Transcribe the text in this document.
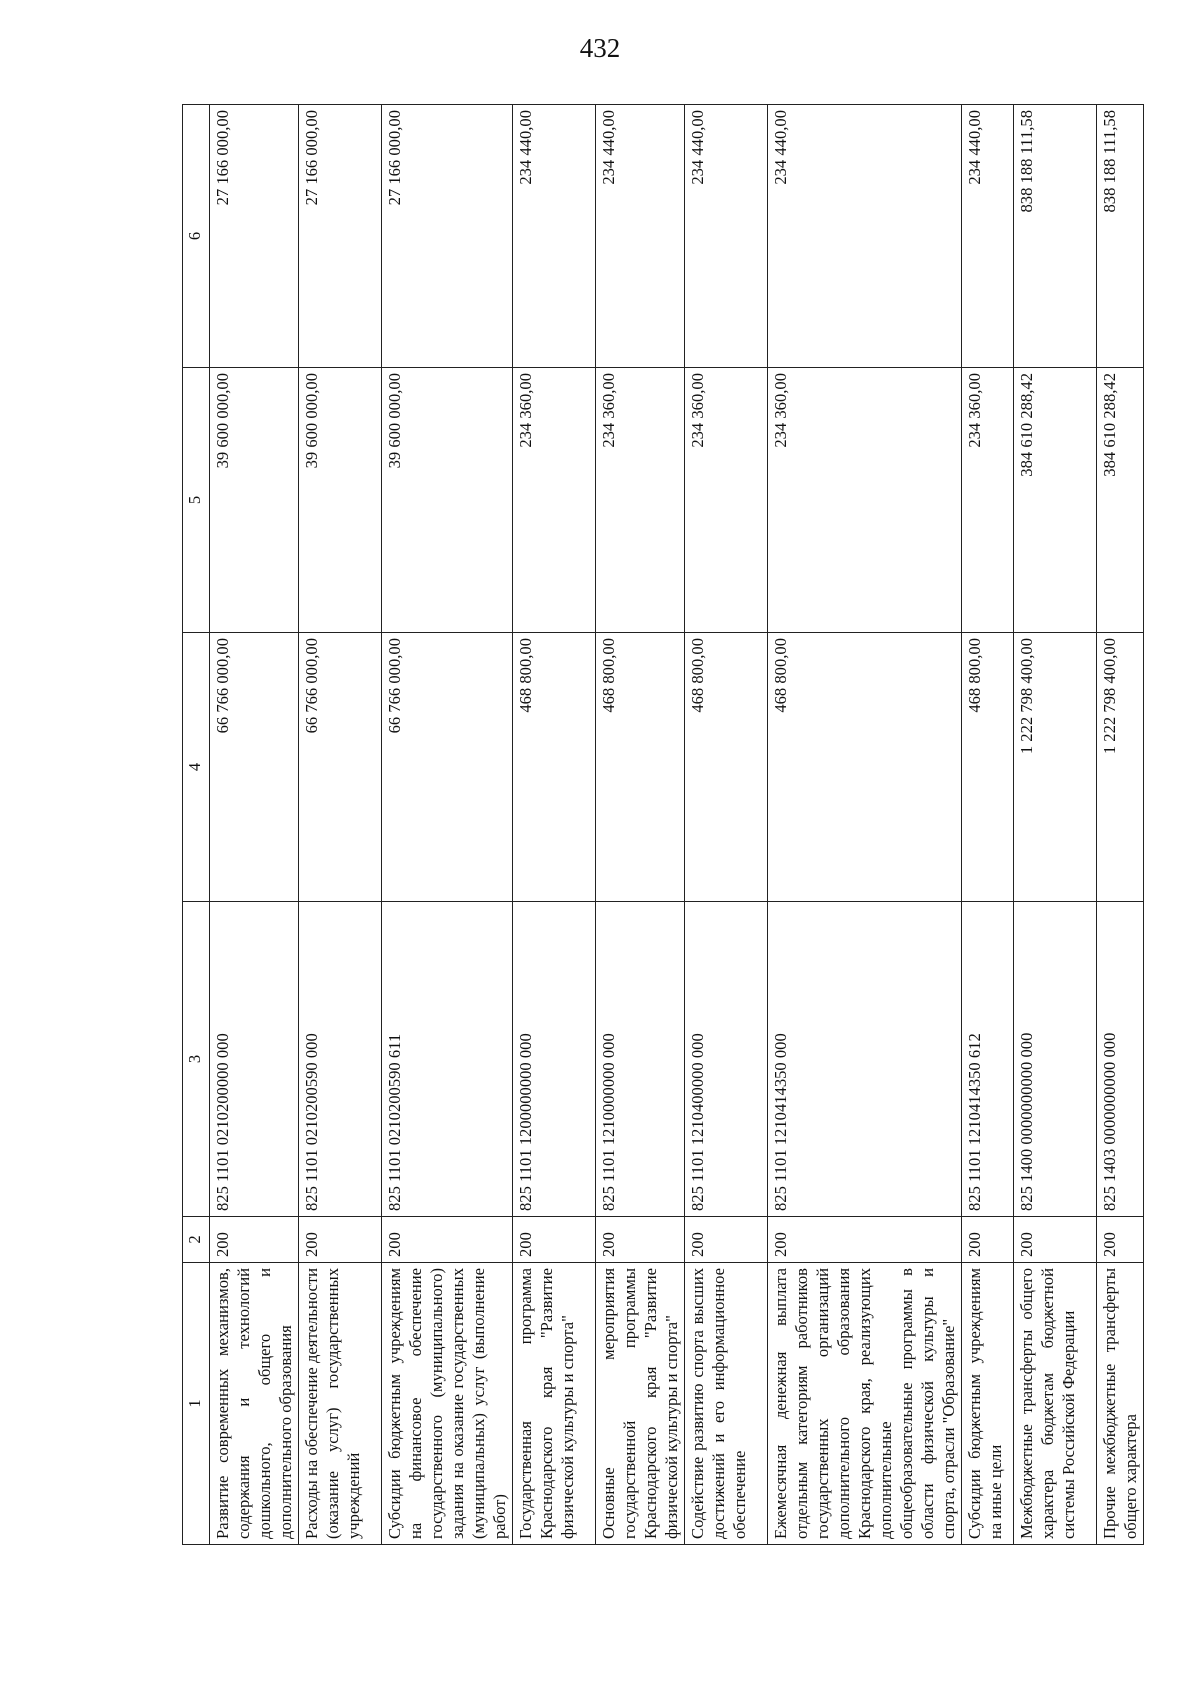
432
1	2	3	4	5	6
Развитие современных механизмов, содержания и технологий дошкольного, общего и дополнительного образования	200	825 1101 0210200000 000	66 766 000,00	39 600 000,00	27 166 000,00
Расходы на обеспечение деятельности (оказание услуг) государственных учреждений	200	825 1101 0210200590 000	66 766 000,00	39 600 000,00	27 166 000,00
Субсидии бюджетным учреждениям на финансовое обеспечение государственного (муниципального) задания на оказание государственных (муниципальных) услуг (выполнение работ)	200	825 1101 0210200590 611	66 766 000,00	39 600 000,00	27 166 000,00
Государственная программа Краснодарского края "Развитие физической культуры и спорта"	200	825 1101 1200000000 000	468 800,00	234 360,00	234 440,00
Основные мероприятия государственной программы Краснодарского края "Развитие физической культуры и спорта"	200	825 1101 1210000000 000	468 800,00	234 360,00	234 440,00
Содействие развитию спорта высших достижений и его информационное обеспечение	200	825 1101 1210400000 000	468 800,00	234 360,00	234 440,00
Ежемесячная денежная выплата отдельным категориям работников государственных организаций дополнительного образования Краснодарского края, реализующих дополнительные общеобразовательные программы в области физической культуры и спорта, отрасли "Образование"	200	825 1101 1210414350 000	468 800,00	234 360,00	234 440,00
Субсидии бюджетным учреждениям на иные цели	200	825 1101 1210414350 612	468 800,00	234 360,00	234 440,00
Межбюджетные трансферты общего характера бюджетам бюджетной системы Российской Федерации	200	825 1400 0000000000 000	1 222 798 400,00	384 610 288,42	838 188 111,58
Прочие межбюджетные трансферты общего характера	200	825 1403 0000000000 000	1 222 798 400,00	384 610 288,42	838 188 111,58
